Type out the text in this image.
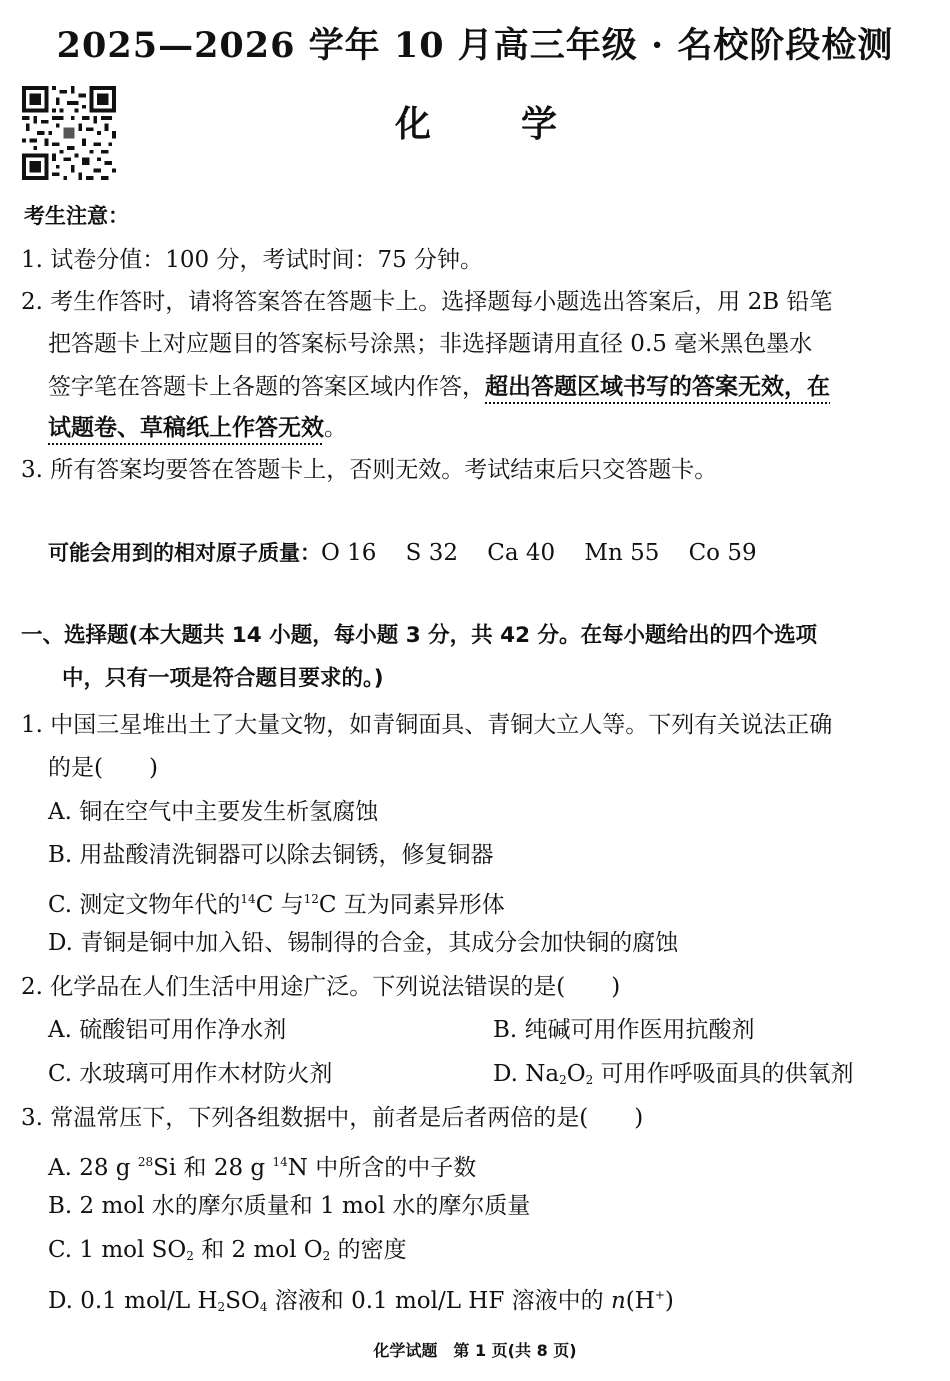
2025—2026 学年 10 月高三年级 · 名校阶段检测
化	学
考生注意：
1. 试卷分值：100 分，考试时间：75 分钟。
2. 考生作答时，请将答案答在答题卡上。选择题每小题选出答案后，用 2B 铅笔
把答题卡上对应题目的答案标号涂黑；非选择题请用直径 0.5 毫米黑色墨水
签字笔在答题卡上各题的答案区域内作答，超出答题区域书写的答案无效，在
试题卷、草稿纸上作答无效。
3. 所有答案均要答在答题卡上，否则无效。考试结束后只交答题卡。
可能会用到的相对原子质量：O 16    S 32    Ca 40    Mn 55    Co 59
一、选择题(本大题共 14 小题，每小题 3 分，共 42 分。在每小题给出的四个选项
中，只有一项是符合题目要求的。)
1. 中国三星堆出土了大量文物，如青铜面具、青铜大立人等。下列有关说法正确
的是(　　)
A. 铜在空气中主要发生析氢腐蚀
B. 用盐酸清洗铜器可以除去铜锈，修复铜器
C. 测定文物年代的$^{14}$C 与$^{12}$C 互为同素异形体
D. 青铜是铜中加入铅、锡制得的合金，其成分会加快铜的腐蚀
2. 化学品在人们生活中用途广泛。下列说法错误的是(　　)
A. 硫酸铝可用作净水剂	B. 纯碱可用作医用抗酸剂
C. 水玻璃可用作木材防火剂	D. $Na_2O_2$ 可用作呼吸面具的供氧剂
3. 常温常压下，下列各组数据中，前者是后者两倍的是(　　)
A. 28 g $^{28}$Si 和 28 g $^{14}$N 中所含的中子数
B. 2 mol 水的摩尔质量和 1 mol 水的摩尔质量
C. 1 mol $SO_2$ 和 2 mol $O_2$ 的密度
D. 0.1 mol/L $H_2SO_4$ 溶液和 0.1 mol/L HF 溶液中的 n(H+)
化学试题　第 1 页(共 8 页)
